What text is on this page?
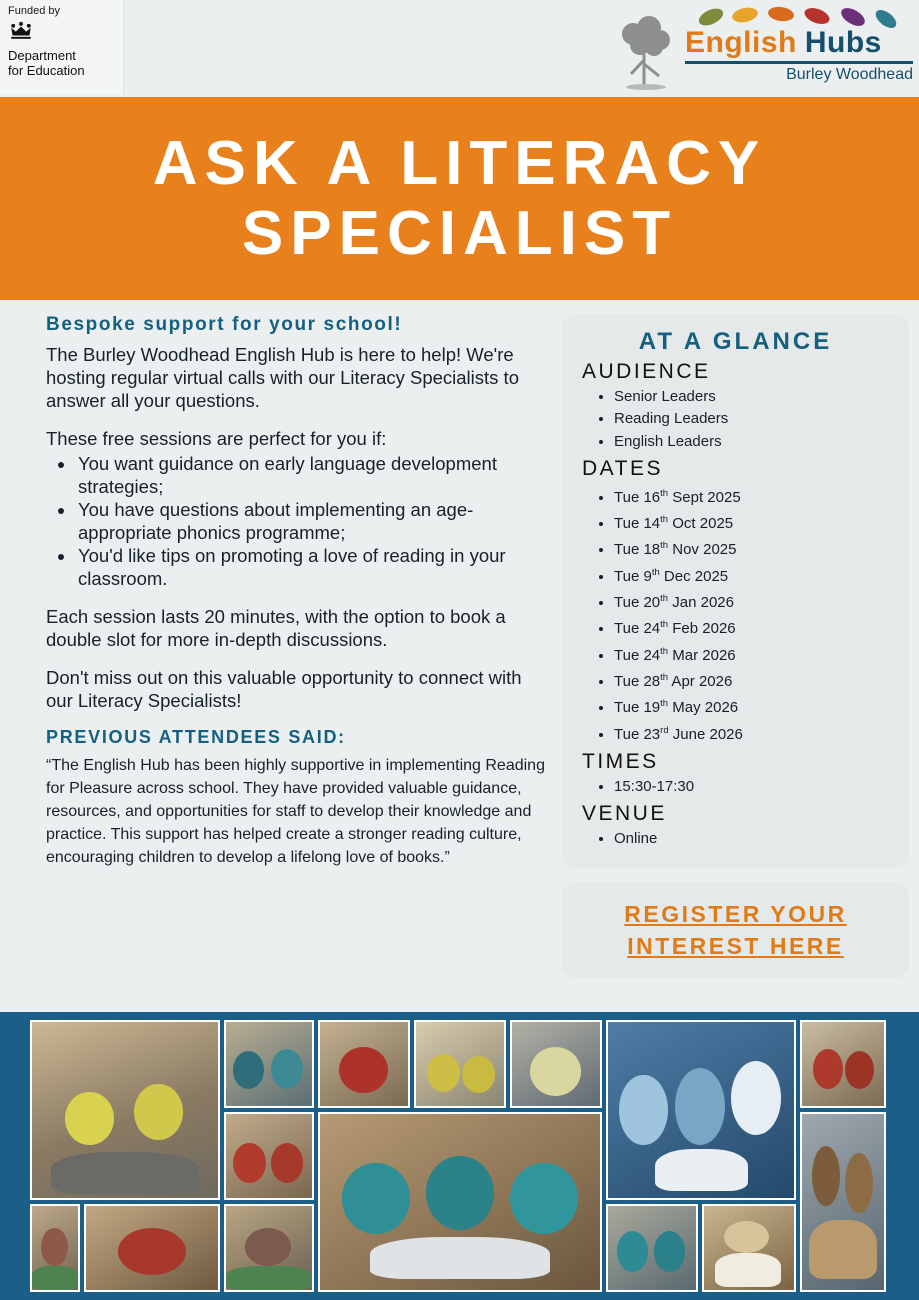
Funded by
Department
for Education
English Hubs
Burley Woodhead
ASK A LITERACY SPECIALIST
Bespoke support for your school!

The Burley Woodhead English Hub is here to help! We're hosting regular virtual calls with our Literacy Specialists to answer all your questions.

These free sessions are perfect for you if:

• You want guidance on early language development strategies;
• You have questions about implementing an age-appropriate phonics programme;
• You'd like tips on promoting a love of reading in your classroom.

Each session lasts 20 minutes, with the option to book a double slot for more in-depth discussions.

Don't miss out on this valuable opportunity to connect with our Literacy Specialists!

PREVIOUS ATTENDEES SAID:

“The English Hub has been highly supportive in implementing Reading for Pleasure across school. They have provided valuable guidance, resources, and opportunities for staff to develop their knowledge and practice. This support has helped create a stronger reading culture, encouraging children to develop a lifelong love of books.”

AT A GLANCE
AUDIENCE
• Senior Leaders
• Reading Leaders
• English Leaders
DATES
• Tue 16th Sept 2025
• Tue 14th Oct 2025
• Tue 18th Nov 2025
• Tue 9th Dec 2025
• Tue 20th Jan 2026
• Tue 24th Feb 2026
• Tue 24th Mar 2026
• Tue 28th Apr 2026
• Tue 19th May 2026
• Tue 23rd June 2026
TIMES
• 15:30-17:30
VENUE
• Online
REGISTER YOUR INTEREST HERE
